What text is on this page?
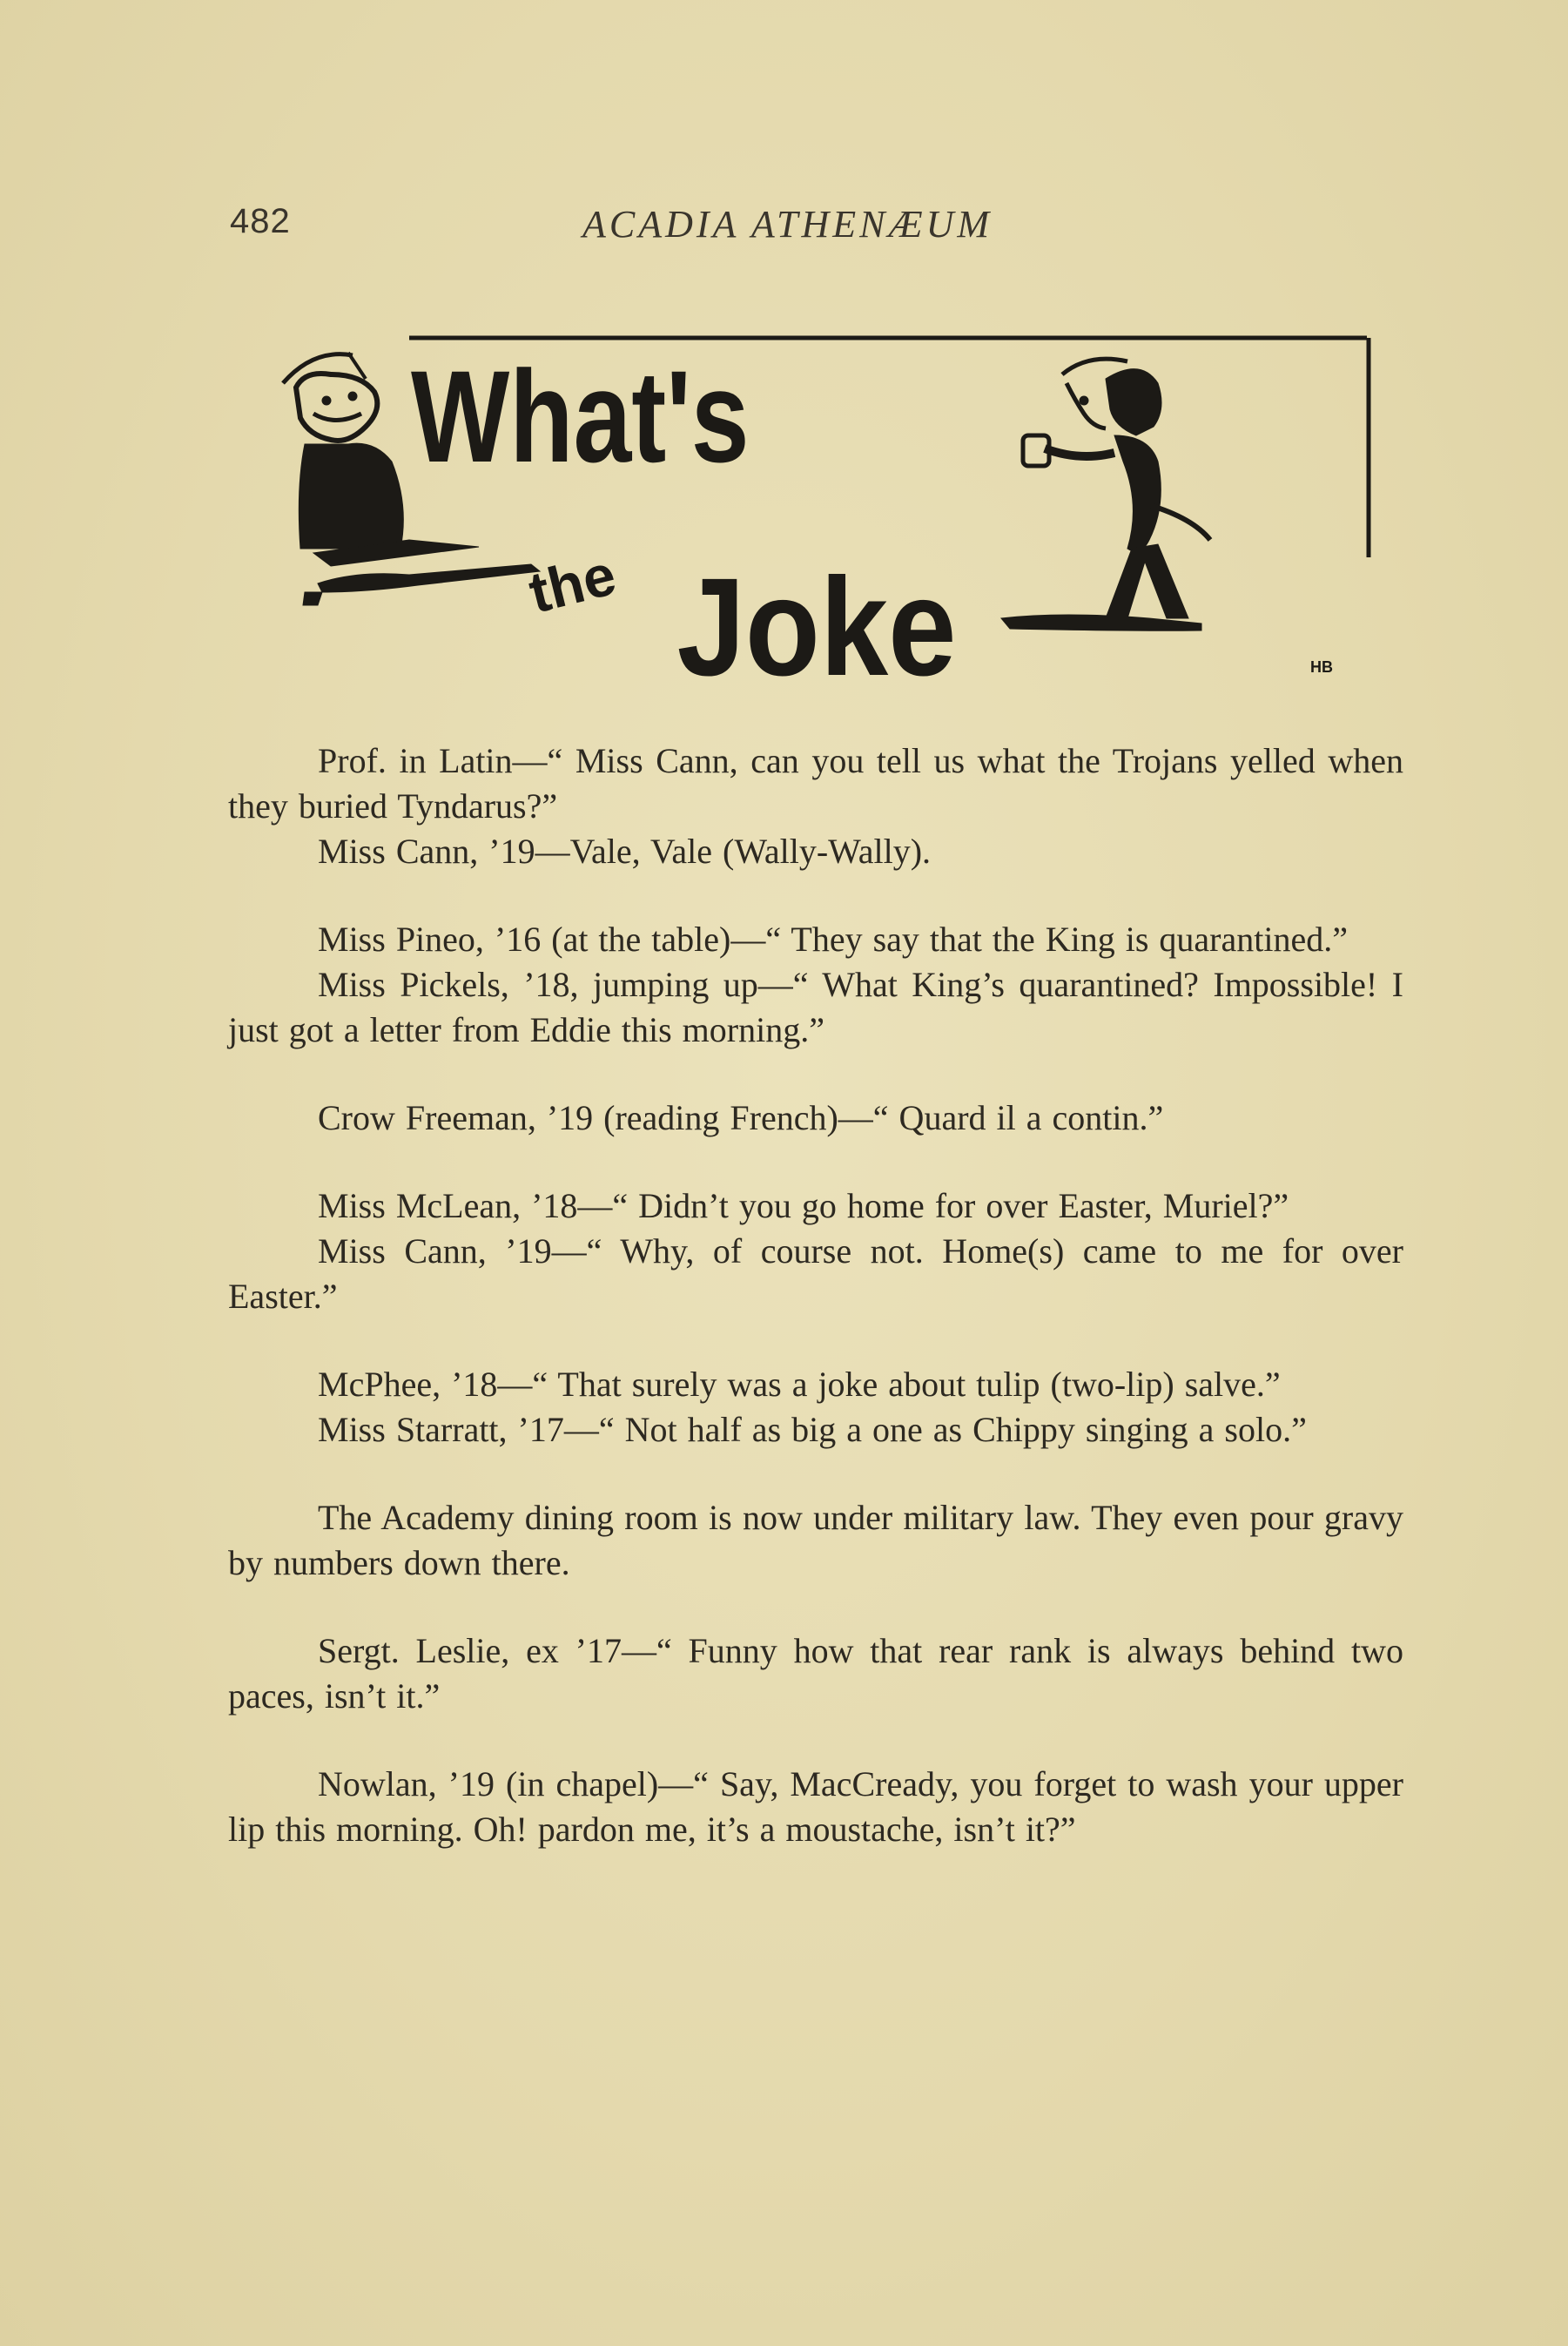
482	ACADIA ATHENÆUM
What's
the Joke	HB

Prof. in Latin—“ Miss Cann, can you tell us what the Trojans yelled when they buried Tyndarus?”

Miss Cann, ’19—Vale, Vale (Wally-Wally).

Miss Pineo, ’16 (at the table)—“ They say that the King is quarantined.”

Miss Pickels, ’18, jumping up—“ What King’s quarantined? Impossible! I just got a letter from Eddie this morning.”

Crow Freeman, ’19 (reading French)—“ Quard il a contin.”

Miss McLean, ’18—“ Didn’t you go home for over Easter, Muriel?”

Miss Cann, ’19—“ Why, of course not. Home(s) came to me for over Easter.”

McPhee, ’18—“ That surely was a joke about tulip (two-lip) salve.”

Miss Starratt, ’17—“ Not half as big a one as Chippy singing a solo.”

The Academy dining room is now under military law. They even pour gravy by numbers down there.

Sergt. Leslie, ex ’17—“ Funny how that rear rank is always behind two paces, isn’t it.”

Nowlan, ’19 (in chapel)—“ Say, MacCready, you forget to wash your upper lip this morning. Oh! pardon me, it’s a moustache, isn’t it?”
